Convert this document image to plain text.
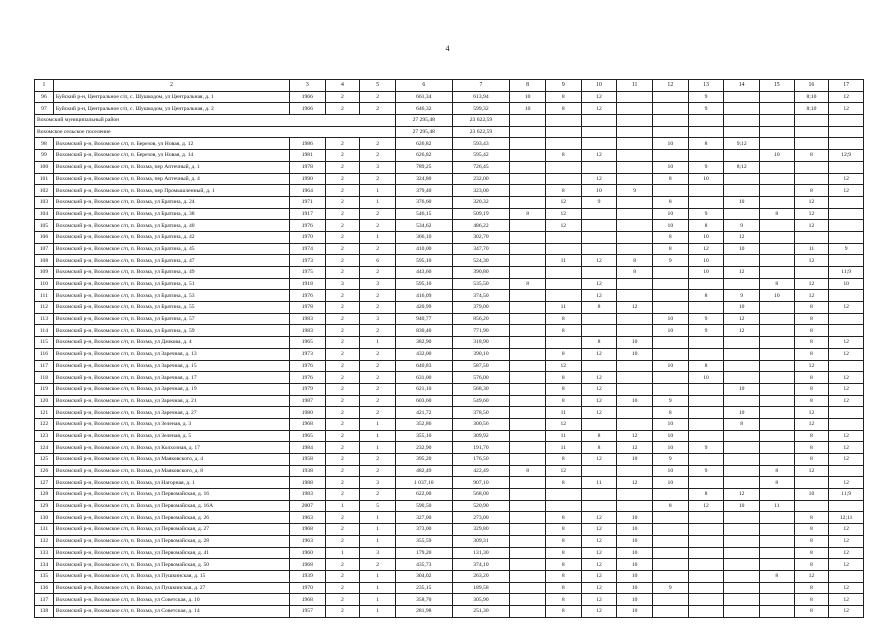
4
1	2	3	4	5	6	7	8	9	10	11	12	13	14	15	16	17
96	Буйский р-н, Центральное с/п, с. Шушкодом, ул Центральная, д. 1	1966	2	2	661,34	613,94	10	8	12			9			8;10	12
97	Буйский р-н, Центральное с/п, с. Шушкодом, ул Центральная, д. 2	1966	2	2	646,32	599,32	10	8	12			9			8;10	12
Вохомский муниципальный район					27 295,48	23 622,59										
Вохомское сельское поселение					27 295,48	23 622,59										
98	Вохомский р-н, Вохомское с/п, п. Березов, ул Новая, д. 12	1986	2	2	626,82	593,43					10	8	9;12			
99	Вохомский р-н, Вохомское с/п, п. Березов, ул Новая, д. 14	1981	2	2	626,82	595,42		8	12					10	8	12;9
100	Вохомский р-н, Вохомское с/п, п. Вохма, пер Аптечный, д. 1	1978	2	3	789,25	726,45					10	9	8;12			
101	Вохомский р-н, Вохомское с/п, п. Вохма, пер Аптечный, д. 4	1990	2	2	324,80	232,00			12		8	10				12
102	Вохомский р-н, Вохомское с/п, п. Вохма, пер Промышленный, д. 1	1964	2	1	379,40	323,00		8	10	9					8	12
103	Вохомский р-н, Вохомское с/п, п. Вохма, ул Братина, д. 24	1971	2	1	376,60	320,32		12	9		8		10		12	
104	Вохомский р-н, Вохомское с/п, п. Вохма, ул Братина, д. 38	1917	2	2	546,15	509,19	8	12			10	9		8	12	
105	Вохомский р-н, Вохомское с/п, п. Вохма, ул Братина, д. 40	1976	2	2	534,62	486,22		12			10	8	9		12	
106	Вохомский р-н, Вохомское с/п, п. Вохма, ул Братина, д. 42	1970	2	1	366,10	302,70					8	10	12			
107	Вохомский р-н, Вохомское с/п, п. Вохма, ул Братина, д. 45	1974	2	2	410,00	347,70					8	12	10		11	9
108	Вохомский р-н, Вохомское с/п, п. Вохма, ул Братина, д. 47	1973	2	6	595,10	524,30		11	12	8	9	10			12	
109	Вохомский р-н, Вохомское с/п, п. Вохма, ул Братина, д. 49	1975	2	2	443,60	390,80				8		10	12			11;9
110	Вохомский р-н, Вохомское с/п, п. Вохма, ул Братина, д. 51	1918	3	3	595,10	535,50	8		12					8	12	10
111	Вохомский р-н, Вохомское с/п, п. Вохма, ул Братина, д. 53	1976	2	2	416,09	374,50			12			8	9	10	12	
112	Вохомский р-н, Вохомское с/п, п. Вохма, ул Братина, д. 55	1978	2	2	420,99	379,00		11	8	12			10		8	12
113	Вохомский р-н, Вохомское с/п, п. Вохма, ул Братина, д. 57	1983	2	3	940,77	856,20		8			10	9	12		8	
114	Вохомский р-н, Вохомское с/п, п. Вохма, ул Братина, д. 59	1983	2	2	830,40	771,90		8			10	9	12		8	
115	Вохомский р-н, Вохомское с/п, п. Вохма, ул Дачкова, д. 4	1965	2	1	382,90	318,90			8	10					8	12
116	Вохомский р-н, Вохомское с/п, п. Вохма, ул Заречная, д. 13	1973	2	2	432,00	390,10		8	12	10					8	12
117	Вохомский р-н, Вохомское с/п, п. Вохма, ул Заречная, д. 15	1976	2	2	640,83	587,50		12			10	8			12	
118	Вохомский р-н, Вохомское с/п, п. Вохма, ул Заречная, д. 17	1976	2	2	631,00	576,00		8	12			10			8	12
119	Вохомский р-н, Вохомское с/п, п. Вохма, ул Заречная, д. 19	1979	2	2	621,10	568,30		8	12				10		8	12
120	Вохомский р-н, Вохомское с/п, п. Вохма, ул Заречная, д. 21	1987	2	2	603,60	549,60		8	12	10	9				8	12
121	Вохомский р-н, Вохомское с/п, п. Вохма, ул Заречная, д. 27	1980	2	2	421,72	378,50		11	12		8		10		12	
122	Вохомский р-н, Вохомское с/п, п. Вохма, ул Зеленая, д. 3	1968	2	1	352,86	300,56		12			10		8		12	
123	Вохомский р-н, Вохомское с/п, п. Вохма, ул Зеленая, д. 5	1965	2	1	355,10	309,92		11	8	12	10				8	12
124	Вохомский р-н, Вохомское с/п, п. Вохма, ул Колхозная, д. 17	1984	2	1	232,90	191,70		11	8	12	10	9			8	12
125	Вохомский р-н, Вохомское с/п, п. Вохма, ул Маяковского, д. 4	1958	2	2	395,20	176,50		8	12	10	9				8	12
126	Вохомский р-н, Вохомское с/п, п. Вохма, ул Маяковского, д. 8	1938	2	2	482,49	422,49	8	12			10	9		8	12	
127	Вохомский р-н, Вохомское с/п, п. Вохма, ул Нагорная, д. 1	1988	2	3	1 037,10	907,10		8	11	12	10			8		12
128	Вохомский р-н, Вохомское с/п, п. Вохма, ул Первомайская, д. 16	1983	2	2	622,00	568,00						8	12		10	11;9
129	Вохомский р-н, Вохомское с/п, п. Вохма, ул Первомайская, д. 16А	2007	1	5	590,50	520,90					8	12	10	11		
130	Вохомский р-н, Вохомское с/п, п. Вохма, ул Первомайская, д. 26	1963	2	1	327,00	273,00		8	12	10					8	12;11
131	Вохомский р-н, Вохомское с/п, п. Вохма, ул Первомайская, д. 27	1968	2	1	373,00	329,80		8	12	10					8	12
132	Вохомский р-н, Вохомское с/п, п. Вохма, ул Первомайская, д. 28	1963	2	1	355,59	309,31		8	12	10					8	12
133	Вохомский р-н, Вохомское с/п, п. Вохма, ул Первомайская, д. 41	1960	1	3	179,20	131,30		8	12	10					8	12
134	Вохомский р-н, Вохомское с/п, п. Вохма, ул Первомайская, д. 50	1968	2	2	435,73	374,10		8	12	10					8	12
135	Вохомский р-н, Вохомское с/п, п. Вохма, ул Пушкинская, д. 15	1939	2	1	304,02	263,20		8	12	10				8	12	
136	Вохомский р-н, Вохомское с/п, п. Вохма, ул Пушкинская, д. 27	1970	2	1	235,15	189,58		8	12	10	9				8	12
137	Вохомский р-н, Вохомское с/п, п. Вохма, ул Советская, д. 10	1968	2	1	358,70	305,90		8	12	10					8	12
138	Вохомский р-н, Вохомское с/п, п. Вохма, ул Советская, д. 14	1957	2	1	281,98	251,30		8	12	10					8	12
